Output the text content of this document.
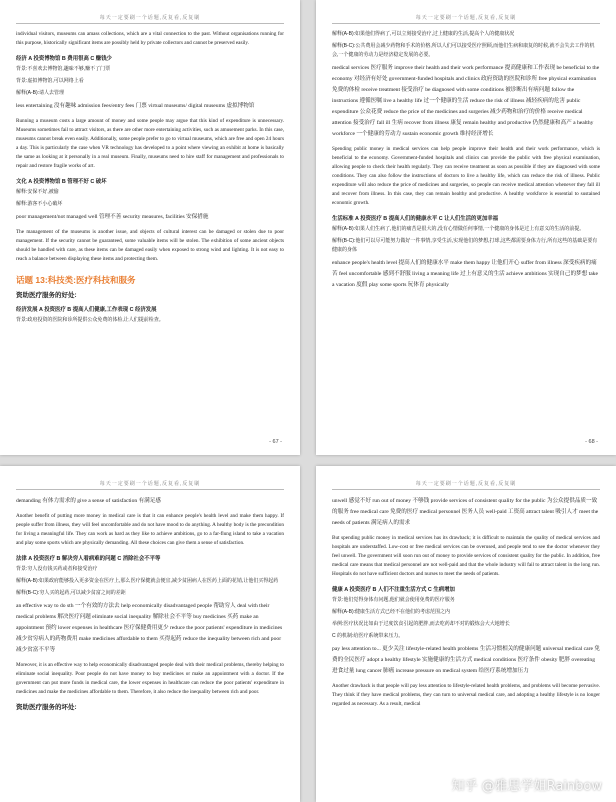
每天一定要刷一个话题,反复看,反复刷

individual visitors, museums can amass collections, which are a vital connection to the past. Without organisations running for this purpose, historically significant items are possibly held by private collectors and cannot be preserved easily.

经济 A 投资博物馆 B 费用很高 C 赚钱少
背景:不喜欢去博物馆,趣味不够,赚不了门票
背景:虚拟博物馆,可以网络上看
解释(A-B):请人去管理
less entertaining 没有趣味 admission fees/entry fees 门票 virtual museums/ digital museums 虚拟博物馆

Running a museum costs a large amount of money and some people may argue that this kind of expenditure is unnecessary. Museums sometimes fail to attract visitors, as there are other more entertaining activities, such as amusement parks. In this case, museums cannot break even easily. Additionally, some people prefer to go to virtual museums, which are free and open 24 hours a day. This is particularly the case when VR technology has developed to a point where viewing an exhibit at home is basically the same as looking at it personally in a real museum. Finally, museums need to hire staff for management and professionals to repair and restore fragile works of art.

文化 A 投资博物馆 B 管理不好 C 破坏
解释:安保不好,被偷
解释:游客不小心破坏
poor management/not managed well 管理不善 security measures, facilities 安保措施

The management of the museums is another issue, and objects of cultural interest can be damaged or stolen due to poor management. If the security cannot be guaranteed, some valuable items will be stolen. The exhibition of some ancient objects should be handled with care, as these items can be damaged easily when exposed to strong wind and lighting. It is not easy to reach a balance between displaying these items and protecting them.

话题 13:科技类:医疗科技和服务
资助医疗服务的好处:
经济发展 A 投资医疗 B 提高人们健康,工作表现 C 经济发展
背景:政府投资的医院和诊所提供公众免费的体检,让人们提前检查。
- 67 -
每天一定要刷一个话题,反复看,反复刷
解释(A-B):如果他们得病了,可以立刻接受治疗,过上健康的生活,提高个人的健康状况
解释(B-C):公共费用会减少药物和手术的价格,所以人们可以接受医疗照顾,而他们生病和康复的时候,就不会失去工作的机会,一个健康的劳动力是经济稳定发展的必要。
medical services 医疗服务 improve their health and their work performance 提高健康和工作表现 be beneficial to the economy 对经济有好处 government-funded hospitals and clinics 政府资助的医院和诊所 free physical examination 免费的体检 receive treatment 接受治疗 be diagnosed with some conditions 被诊断出有病问题 follow the instructions 遵循医嘱 live a healthy life 过一个健康的生活 reduce the risk of illness 减轻疾病的危害 public expenditure 公众花费 reduce the price of the medicines and surgeries 减少药物和治疗的价格 receive medical attention 接受治疗 fall ill 生病 recover from illness 康复 remain healthy and productive 仍然健康和高产 a healthy workforce 一个健康的劳动力 sustain economic growth 维持经济增长

Spending public money in medical services can help people improve their health and their work performance, which is beneficial to the economy. Government-funded hospitals and clinics can provide the public with free physical examination, allowing people to check their health regularly. They can receive treatment as soon as possible if they are diagnosed with some conditions. They can also follow the instructions of doctors to live a healthy life, which can reduce the risk of illness. Public expenditure will also reduce the price of medicines and surgeries, so people can receive medical attention whenever they fall ill and recover from illness. In this case, they can remain healthy and productive. A healthy workforce is essential to sustained economic growth.

生活标准 A 投资医疗 B 提高人们的健康水平 C 让人们生活的更加幸福
解释(A-B):如果人们生病了,他们的痛苦是很大的,没有心情做任何事情,一个健康的身体是过上有意义的生活的前提。
解释(B-C):他们可以尽可能努力做好一件事情,享受生活,实现他们的梦想,打球,这些都需要身体力行,所有这些的基础是要有健康的身体
enhance people's health level 提高人们的健康水平 make them happy 让他们开心 suffer from illness 深受疾病的痛苦 feel uncomfortable 感到不舒服 living a meaning life 过上有意义的生活 achieve ambitions 实现自己的梦想 take a vacation 度假 play some sports 玩体育 physically
- 68 -
每天一定要刷一个话题,反复看,反复刷
demanding 有体力需求的 give a sense of satisfaction 有满足感

Another benefit of putting more money in medical care is that it can enhance people's health level and make them happy. If people suffer from illness, they will feel uncomfortable and do not have mood to do anything. A healthy body is the precondition for living a meaningful life. They can work as hard as they like to achieve ambitions, go to a far-flung island to take a vacation and play some sports which are physically demanding. All these choices can give them a sense of satisfaction.

法律 A 投资医疗 B 解决穷人看病难的问题 C 消除社会不平等
背景:穷人没有钱买药或者和接受治疗
解释(A-B):如果政府能够投入更多资金在医疗上,那么医疗保健就会便宜,减少贫困病人在医药上面的花销,让他们买得起药
解释(B-C):穷人买的起药,可以减少贫富之间的差距
an effective way to do sth 一个有效的方法去 help economically disadvantaged people 帮助穷人 deal with their medical problems 解决医疗问题 eliminate social inequality 解除社会不平等 buy medicines 买药 make an appointment 预约 lower expenses in healthcare 医疗保健费用更少 reduce the poor patients' expenditure in medicines 减少贫穷病人的药物费用 make medicines affordable to them 买得起药 reduce the inequality between rich and poor 减少贫富不平等

Moreover, it is an effective way to help economically disadvantaged people deal with their medical problems, thereby helping to eliminate social inequality. Poor people do not have money to buy medicines or make an appointment with a doctor. If the government can put more funds in medical care, the lower expenses in healthcare can reduce the poor patients' expenditure in medicines and make the medicines affordable to them. Therefore, it also reduce the inequality between rich and poor.

资助医疗服务的坏处:
每天一定要刷一个话题,反复看,反复刷
unwell 感觉不好 run out of money 不够钱 provide services of consistent quality for the public 为公众提供品质一致的服务 free medical care 免费的医疗 medical personnel 医务人员 well-paid 工资高 attract talent 吸引人才 meet the needs of patients 满足病人的需求

But spending public money in medical services has its drawback; it is difficult to maintain the quality of medical services and hospitals are understaffed. Low-cost or free medical services can be overused, and people tend to see the doctor whenever they feel unwell. The government will soon run out of money to provide services of consistent quality for the public. In addition, free medical care means that medical personnel are not well-paid and that the whole industry will fail to attract talent in the long run. Hospitals do not have sufficient doctors and nurses to meet the needs of patients.

健康 A 投资医疗 B 人们不注重生活方式 C 生病增加
背景:他们觉得身体有问题,他们就会使用免费的医疗服务
解释(A-B):健康生活方式已经不在他们的考虑范围之内
举例:医疗状况比如由于过度饮食引起的肥胖,而去吃药却不对的锻炼会大大地增长
C 的机制:给医疗系统带来压力。
pay less attention to... 更少关注 lifestyle-related health problems 生活习惯相关的健康问题 universal medical care 免费的全民医疗 adopt a healthy lifestyle 实施健康的生活方式 medical conditions 医疗条件 obesity 肥胖 overeating 进食过量 lung cancer 肺癌 increase pressure on medical system 给医疗系统增加压力

Another drawback is that people will pay less attention to lifestyle-related health problems, and problems will become pervasive. They think if they have medical problems, they can turn to universal medical care, and adopting a healthy lifestyle is no longer regarded as necessary. As a result, medical

知乎 @雅思学姐Rainbow
